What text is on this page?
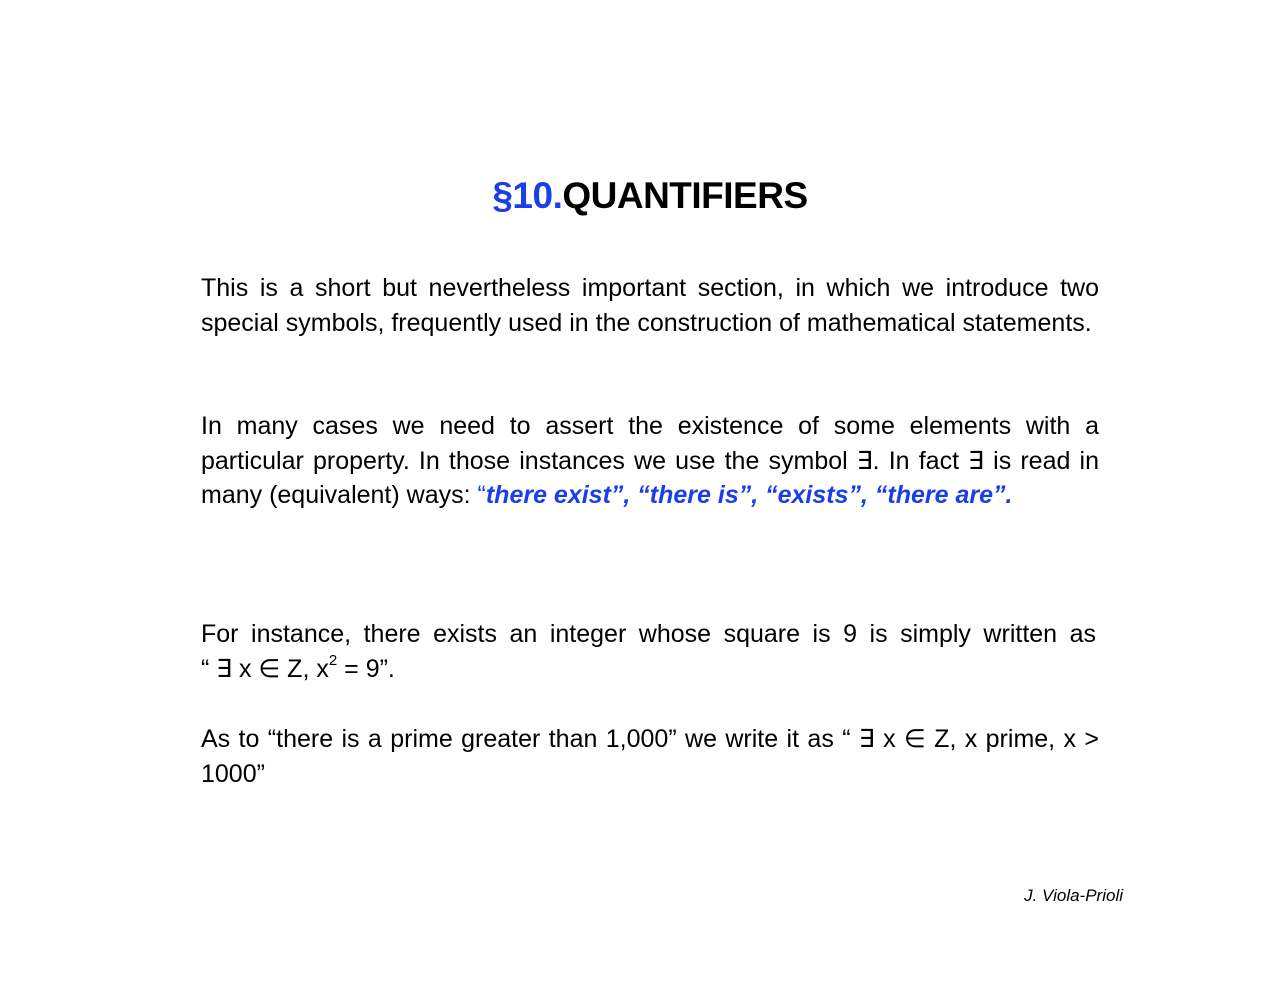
§10.QUANTIFIERS

This is a short but nevertheless important section, in which we introduce two special symbols, frequently used in the construction of mathematical statements.

In many cases we need to assert the existence of some elements with a particular property. In those instances we use the symbol ∃. In fact ∃ is read in many (equivalent) ways: “there exist”, “there is”, “exists”, “there are”.

For instance, there exists an integer whose square is 9 is simply written as
“ ∃ x ∈ Z, $x^2 = 9$”.

As to “there is a prime greater than 1,000” we write it as “ ∃ x ∈ Z, x prime, x > 1000”

J. Viola-Prioli
